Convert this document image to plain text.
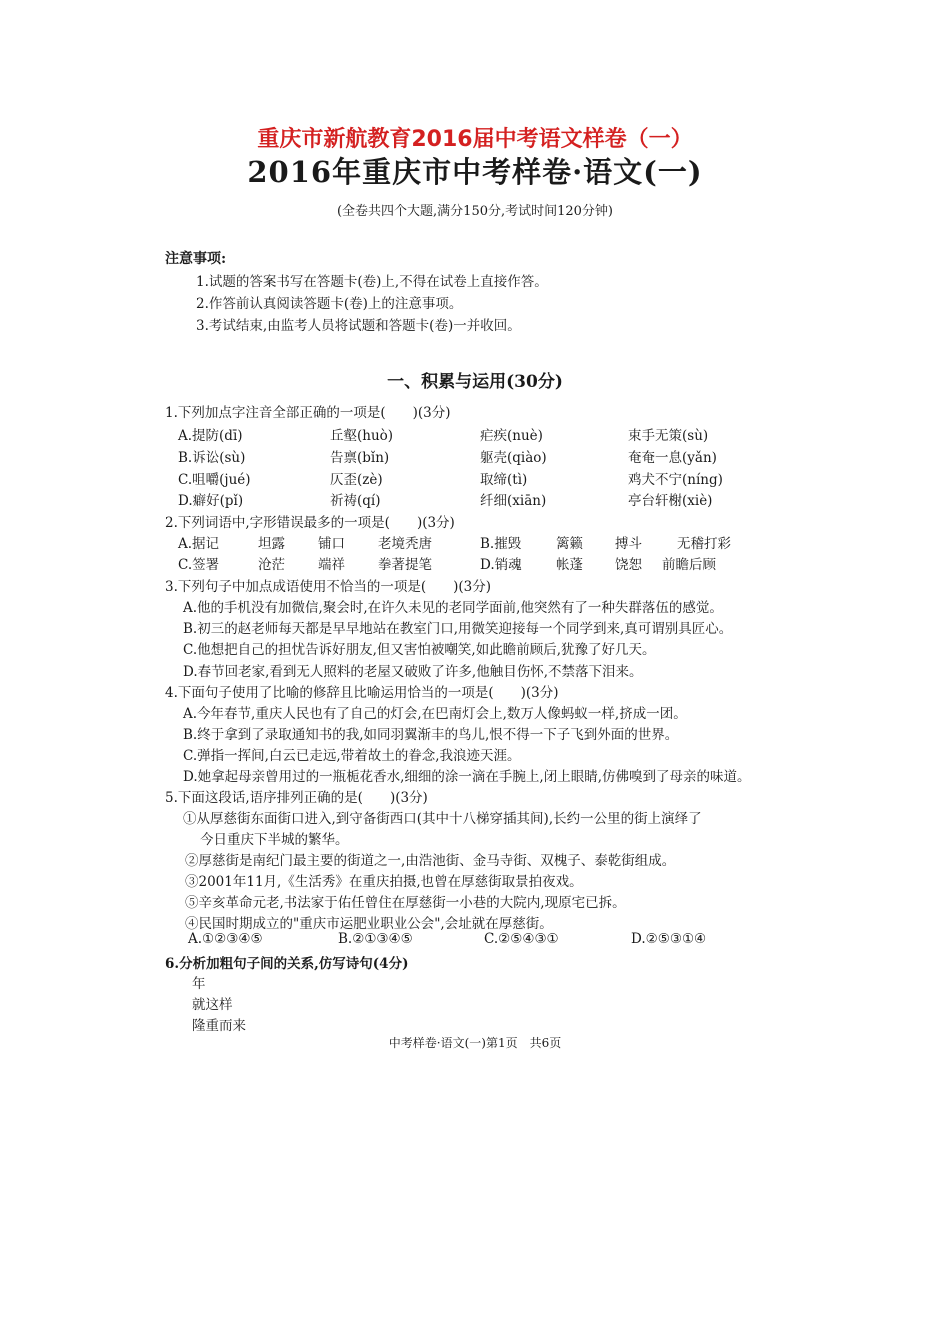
重庆市新航教育2016届中考语文样卷（一）
2016年重庆市中考样卷·语文(一)
(全卷共四个大题,满分150分,考试时间120分钟)
注意事项:
1.试题的答案书写在答题卡(卷)上,不得在试卷上直接作答。
2.作答前认真阅读答题卡(卷)上的注意事项。
3.考试结束,由监考人员将试题和答题卡(卷)一并收回。
一、积累与运用(30分)
1.下列加点字注音全部正确的一项是(　　)(3分)
A.提防(dī)	丘壑(huò)	疟疾(nuè)	束手无策(sù)
B.诉讼(sù)	告禀(bǐn)	躯壳(qiào)	奄奄一息(yǎn)
C.咀嚼(jué)	仄歪(zè)	取缔(tì)	鸡犬不宁(níng)
D.癖好(pǐ)	祈祷(qí)	纤细(xiān)	亭台轩榭(xiè)
2.下列词语中,字形错误最多的一项是(　　)(3分)
A.据记	坦露 铺口 老境秃唐	B.摧毁	篱籁 搏斗	无稽打彩
C.签署	沧茫 端祥 拳著提笔	D.销魂	帐蓬 饶恕 前瞻后顾
3.下列句子中加点成语使用不恰当的一项是(　　)(3分)
A.他的手机没有加微信,聚会时,在许久未见的老同学面前,他突然有了一种失群落伍的感觉。
B.初三的赵老师每天都是早早地站在教室门口,用微笑迎接每一个同学到来,真可谓别具匠心。
C.他想把自己的担忧告诉好朋友,但又害怕被嘲笑,如此瞻前顾后,犹豫了好几天。
D.春节回老家,看到无人照料的老屋又破败了许多,他触目伤怀,不禁落下泪来。
4.下面句子使用了比喻的修辞且比喻运用恰当的一项是(　　)(3分)
A.今年春节,重庆人民也有了自己的灯会,在巴南灯会上,数万人像蚂蚁一样,挤成一团。
B.终于拿到了录取通知书的我,如同羽翼渐丰的鸟儿,恨不得一下子飞到外面的世界。
C.弹指一挥间,白云已走远,带着故土的眷念,我浪迹天涯。
D.她拿起母亲曾用过的一瓶栀花香水,细细的涂一滴在手腕上,闭上眼睛,仿佛嗅到了母亲的味道。
5.下面这段话,语序排列正确的是(　　)(3分)
①从厚慈街东面街口进入,到守备街西口(其中十八梯穿插其间),长约一公里的街上演绎了
今日重庆下半城的繁华。
②厚慈街是南纪门最主要的街道之一,由浩池街、金马寺街、双槐子、泰乾街组成。
③2001年11月,《生活秀》在重庆拍摄,也曾在厚慈街取景拍夜戏。
⑤辛亥革命元老,书法家于佑任曾住在厚慈街一小巷的大院内,现原宅已拆。
④民国时期成立的"重庆市运肥业职业公会",会址就在厚慈街。
A.①②③④⑤	B.②①③④⑤	C.②⑤④③①	D.②⑤③①④
6.分析加粗句子间的关系,仿写诗句(4分)
年
就这样
隆重而来
中考样卷·语文(一)第1页　共6页
